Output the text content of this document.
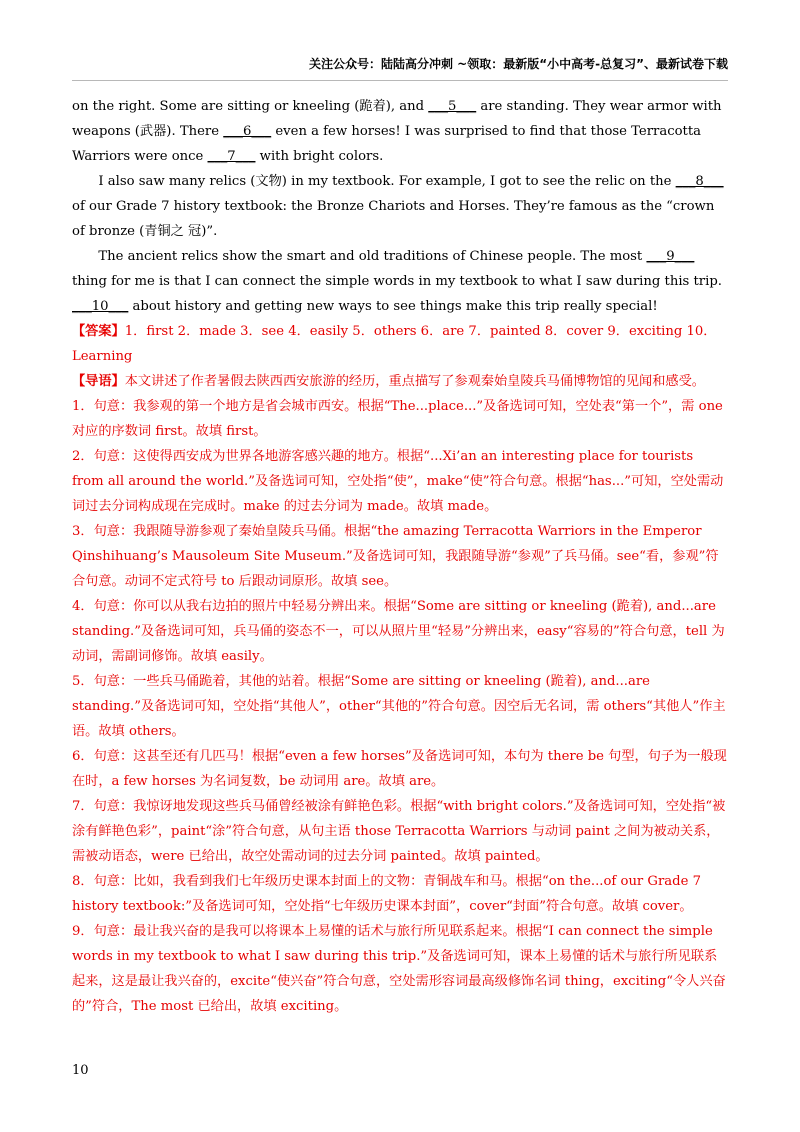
关注公众号：陆陆高分冲刺 ~领取：最新版“小中高考-总复习”、最新试卷下载

on the right. Some are sitting or kneeling (跪着), and ___5___ are standing. They wear armor with weapons (武器). There ___6___ even a few horses! I was surprised to find that those Terracotta Warriors were once ___7___ with bright colors.

I also saw many relics (文物) in my textbook. For example, I got to see the relic on the ___8___ of our Grade 7 history textbook: the Bronze Chariots and Horses. They’re famous as the “crown of bronze (青铜之 冠)”.

The ancient relics show the smart and old traditions of Chinese people. The most ___9___ thing for me is that I can connect the simple words in my textbook to what I saw during this trip. ___10___ about history and getting new ways to see things make this trip really special!

【答案】1．first 2．made 3．see 4．easily 5．others 6．are 7．painted 8．cover 9．exciting 10．Learning

【导语】本文讲述了作者暑假去陕西西安旅游的经历，重点描写了参观秦始皇陵兵马俑博物馆的见闻和感受。

1．句意：我参观的第一个地方是省会城市西安。根据“The...place...”及备选词可知，空处表“第一个”，需 one 对应的序数词 first。故填 first。

2．句意：这使得西安成为世界各地游客感兴趣的地方。根据“...Xi’an an interesting place for tourists from all around the world.”及备选词可知，空处指“使”，make“使”符合句意。根据“has...”可知，空处需动词过去分词构成现在完成时。make 的过去分词为 made。故填 made。

3．句意：我跟随导游参观了秦始皇陵兵马俑。根据“the amazing Terracotta Warriors in the Emperor Qinshihuang’s Mausoleum Site Museum.”及备选词可知，我跟随导游“参观”了兵马俑。see“看，参观”符合句意。动词不定式符号 to 后跟动词原形。故填 see。

4．句意：你可以从我右边拍的照片中轻易分辨出来。根据“Some are sitting or kneeling (跪着), and...are standing.”及备选词可知，兵马俑的姿态不一，可以从照片里“轻易”分辨出来，easy“容易的”符合句意，tell 为动词，需副词修饰。故填 easily。

5．句意：一些兵马俑跪着，其他的站着。根据“Some are sitting or kneeling (跪着), and...are standing.”及备选词可知，空处指“其他人”，other“其他的”符合句意。因空后无名词，需 others“其他人”作主语。故填 others。

6．句意：这甚至还有几匹马！根据“even a few horses”及备选词可知，本句为 there be 句型，句子为一般现在时，a few horses 为名词复数，be 动词用 are。故填 are。

7．句意：我惊讶地发现这些兵马俑曾经被涂有鲜艳色彩。根据“with bright colors.”及备选词可知，空处指“被涂有鲜艳色彩”，paint“涂”符合句意，从句主语 those Terracotta Warriors 与动词 paint 之间为被动关系，需被动语态，were 已给出，故空处需动词的过去分词 painted。故填 painted。

8．句意：比如，我看到我们七年级历史课本封面上的文物：青铜战车和马。根据“on the...of our Grade 7 history textbook:”及备选词可知，空处指“七年级历史课本封面”，cover“封面”符合句意。故填 cover。

9．句意：最让我兴奋的是我可以将课本上易懂的话术与旅行所见联系起来。根据“I can connect the simple words in my textbook to what I saw during this trip.”及备选词可知，课本上易懂的话术与旅行所见联系起来，这是最让我兴奋的，excite“使兴奋”符合句意，空处需形容词最高级修饰名词 thing，exciting“令人兴奋的”符合，The most 已给出，故填 exciting。

10
